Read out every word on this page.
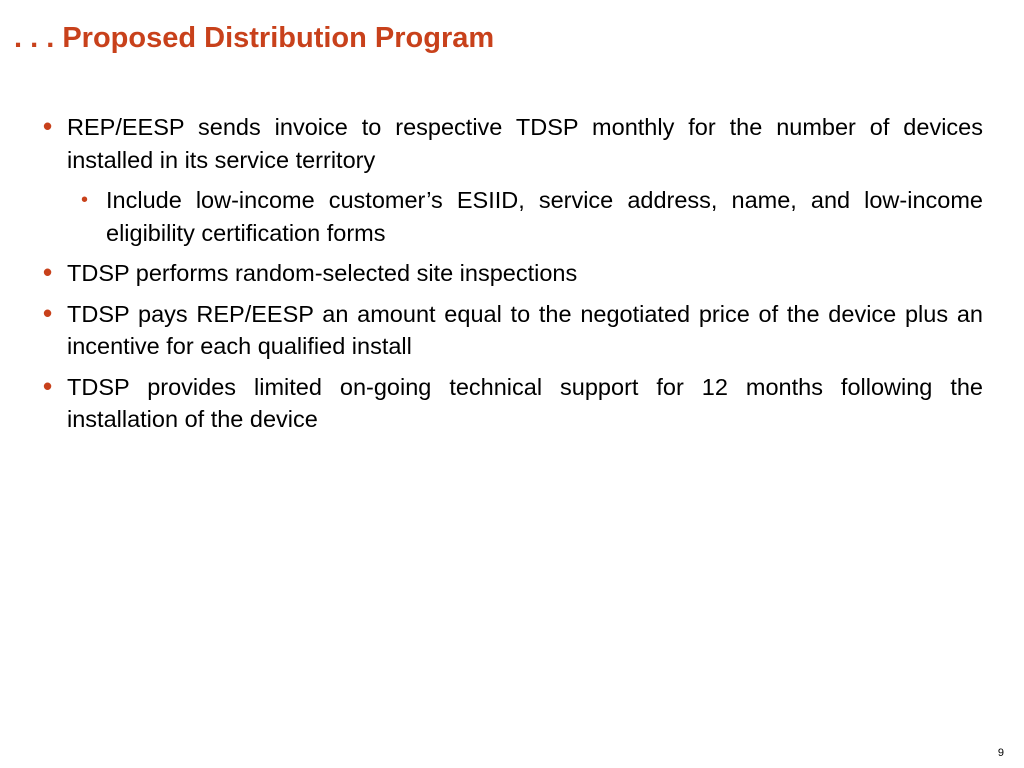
. . . Proposed Distribution Program
• REP/EESP sends invoice to respective TDSP monthly for the number of devices installed in its service territory
• Include low-income customer’s ESIID, service address, name, and low-income eligibility certification forms
• TDSP performs random-selected site inspections
• TDSP pays REP/EESP an amount equal to the negotiated price of the device plus an incentive for each qualified install
• TDSP provides limited on-going technical support for 12 months following the installation of the device
9
